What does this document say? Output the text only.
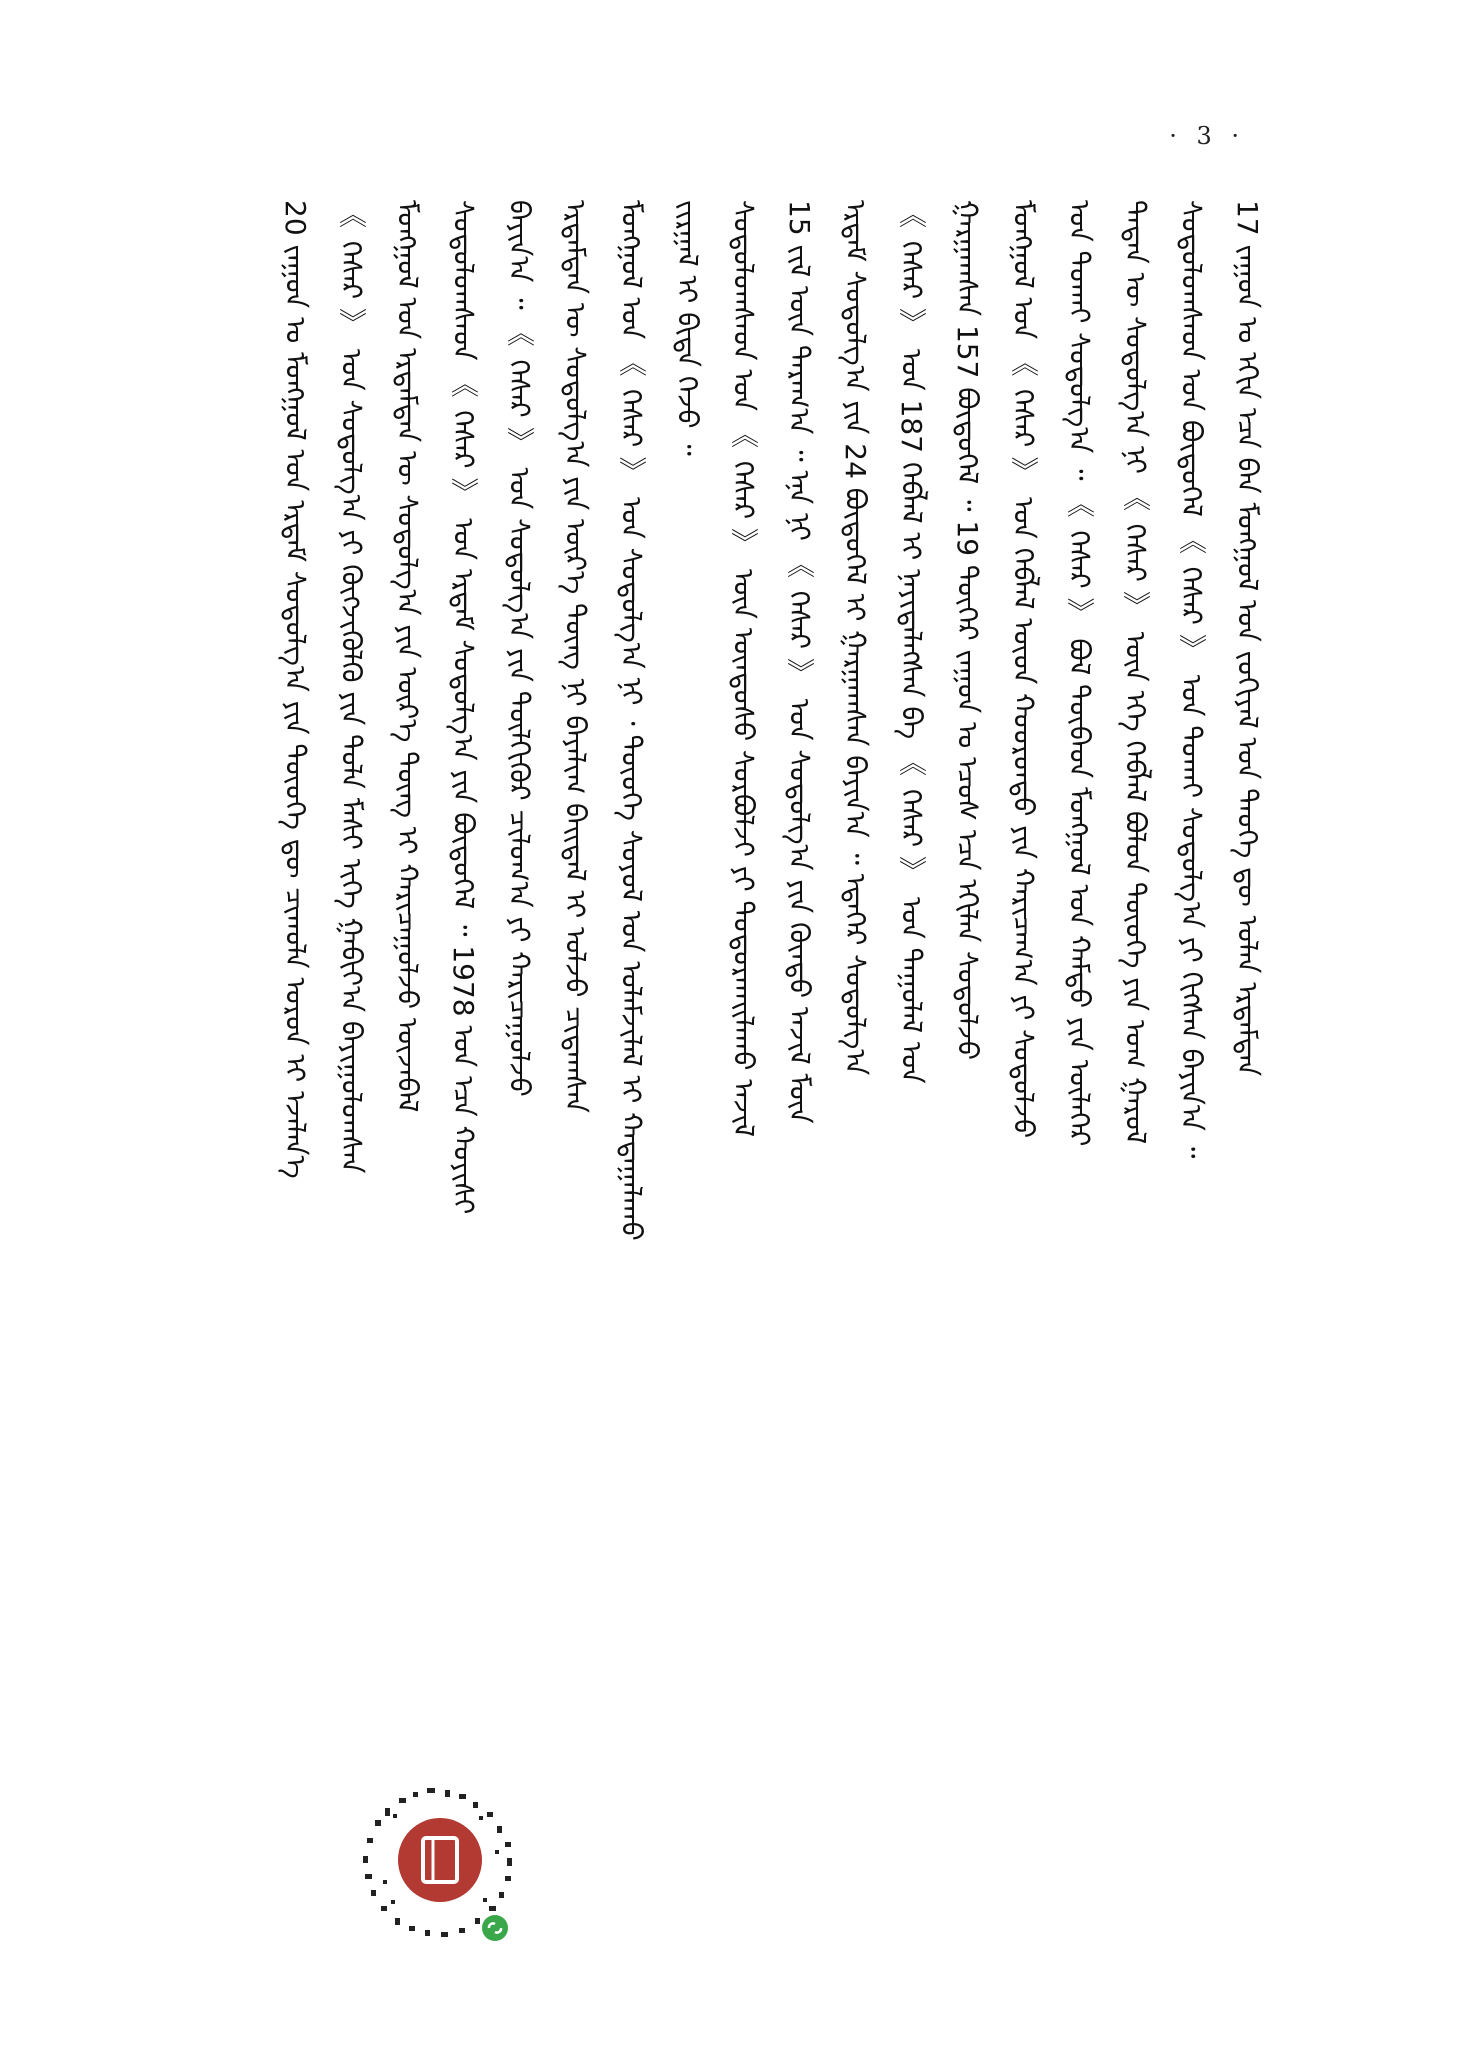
· 3 ·
17 ᠵᠠᠭᠤᠨ ᠤ ᠡᠬᠢᠨ ᠡᠴᠡ ᠪᠡᠨ ᠮᠣᠩᠭᠣᠯ ᠤᠨ ᠵᠤᠬᠢᠶᠠᠯ ᠤᠨ ᠲᠡᠤᠬᠡ ᠳᠦ ᠣᠯᠠᠨ ᠡᠷᠳᠡᠮᠲᠡᠨ
ᠰᠤᠳᠤᠯᠤᠭᠰᠠᠳ ᠤᠨ ᠪᠦᠲᠦᠭᠡᠯ 《 ᠭᠡᠰᠡᠷ 》 ᠤᠨ ᠲᠤᠬᠠᠢ ᠰᠤᠳᠤᠯᠭ᠎ᠠ ᠶᠢ ᠬᠢᠭᠰᠡᠨ ᠪᠠᠶᠢᠨ᠎ᠠ ᠃
ᠲᠡᠳᠡᠨ ᠦ ᠰᠤᠳᠤᠯᠭ᠎ᠠ ᠨᠢ 《 ᠭᠡᠰᠡᠷ 》 ᠦᠨ ᠡᠬᠡ ᠬᠡᠪᠯᠡᠯ ᠪᠣᠯᠤᠨ ᠲᠦᠦᠬᠡ ᠶᠢᠨ ᠤᠭ ᠭᠠᠷᠤᠯ
ᠤᠨ ᠲᠤᠬᠠᠢ ᠰᠤᠳᠤᠯᠭ᠎ᠠ ᠃ 《 ᠭᠡᠰᠡᠷ 》 ᠪᠣᠯ ᠲᠦᠪᠡᠳ ᠮᠣᠩᠭᠣᠯ ᠤᠨ ᠬᠠᠮᠲᠤ ᠶᠢᠨ ᠦᠯᠡᠭᠡᠷ
ᠮᠣᠩᠭᠣᠯ ᠤᠨ 《 ᠭᠡᠰᠡᠷ 》 ᠤᠨ ᠬᠡᠪᠯᠡᠯ ᠦᠳ ᠬᠣᠣᠷᠣᠨᠳᠤ ᠶᠢᠨ ᠬᠠᠷᠢᠴᠠᠭ᠎ᠠ ᠶᠢ ᠰᠤᠳᠤᠯᠵᠤ
ᠭᠠᠷᠭᠠᠭᠰᠠᠨ 157 ᠪᠦᠲᠦᠭᠡᠯ ᠃ 19 ᠳᠦᠭᠡᠷ ᠵᠠᠭᠤᠨ ᠤ ᠡᠴᠦᠰ ᠡᠴᠡ ᠡᠬᠢᠯᠡᠨ ᠰᠤᠳᠤᠯᠵᠤ
《 ᠭᠡᠰᠡᠷ 》 ᠤᠨ 187 ᠬᠡᠪᠯᠡᠯ ᠢ ᠨᠡᠶᠢᠲᠡᠯᠡᠭᠰᠡᠨ ᠪᠠ 《 ᠭᠡᠰᠡᠷ 》 ᠤᠨ ᠳᠠᠭᠤᠯᠠᠯ ᠤᠨ
ᠡᠷᠳᠡᠮ ᠰᠤᠳᠤᠯᠭ᠎ᠠ ᠶᠢᠨ 24 ᠪᠦᠲᠦᠭᠡᠯ ᠢ ᠭᠠᠷᠭᠠᠭᠰᠠᠨ ᠪᠠᠶᠢᠨ᠎ᠠ ᠃ ᠡᠳᠡᠭᠡᠷ ᠰᠤᠳᠤᠯᠭ᠎ᠠ
15 ᠵᠢᠯ ᠦᠨ ᠳᠠᠷᠠᠭ᠎ᠠ ᠃ ᠡᠨᠡ ᠨᠢ 《 ᠭᠡᠰᠡᠷ 》 ᠤᠨ ᠰᠤᠳᠤᠯᠭ᠎ᠠ ᠶᠢᠨ ᠬᠦᠨᠳᠦ ᠠᠵᠢᠯ ᠮᠥᠨ
ᠰᠤᠳᠤᠯᠤᠭᠰᠠᠳ ᠤᠨ 《 ᠭᠡᠰᠡᠷ 》 ᠦᠨ ᠦᠨᠳᠦᠰᠦ ᠰᠤᠷᠪᠤᠯᠵᠢ ᠶᠢ ᠲᠣᠳᠤᠷᠬᠠᠢᠯᠠᠬᠤ ᠠᠵᠢᠯ
ᠵᠢᠷᠭᠠᠯ ᠢ ᠪᠢᠳᠡ ᠭᠡᠵᠦ ᠃
ᠮᠣᠩᠭᠣᠯ ᠤᠨ 《 ᠭᠡᠰᠡᠷ 》 ᠤᠨ ᠰᠤᠳᠤᠯᠭ᠎ᠠ ᠨᠢ ᠂ ᠲᠦᠦᠬᠡ ᠰᠤᠶᠤᠯ ᠤᠨ ᠤᠯᠠᠮᠵᠢᠯᠠᠯ ᠢ ᠬᠠᠳᠠᠭᠠᠯᠠᠬᠤ
ᠡᠷᠳᠡᠮᠲᠡᠨ ᠦ ᠰᠤᠳᠤᠯᠭ᠎ᠠ ᠶᠢᠨ ᠦᠷ᠎ᠡ ᠳᠦᠩ ᠨᠢ ᠪᠠᠶᠠᠯᠢᠭ ᠪᠠᠢᠳᠠᠯ ᠢ ᠣᠯᠵᠤ ᠴᠢᠳᠠᠭᠰᠠᠨ
ᠪᠠᠶᠢᠨ᠎ᠠ ᠃ 《 ᠭᠡᠰᠡᠷ 》 ᠤᠨ ᠰᠤᠳᠤᠯᠭ᠎ᠠ ᠶᠢᠨ ᠲᠦᠯᠬᠢᠭᠦᠷ ᠴᠢᠯᠤᠭ᠎ᠠ ᠶᠢ ᠬᠠᠷᠢᠴᠠᠭᠤᠯᠵᠤ
ᠰᠤᠳᠤᠯᠤᠭᠰᠠᠳ 《 ᠭᠡᠰᠡᠷ 》 ᠤᠨ ᠡᠷᠳᠡᠮ ᠰᠤᠳᠤᠯᠭ᠎ᠠ ᠶᠢᠨ ᠪᠦᠲᠦᠭᠡᠯ ᠃ 1978 ᠣᠨ ᠡᠴᠡ ᠬᠣᠶᠢᠰᠢ
ᠮᠣᠩᠭᠣᠯ ᠤᠨ ᠡᠷᠳᠡᠮᠲᠡᠨ ᠦ ᠰᠤᠳᠤᠯᠭ᠎ᠠ ᠶᠢᠨ ᠦᠷ᠎ᠡ ᠳᠦᠩ ᠢ ᠬᠠᠷᠢᠴᠠᠭᠤᠯᠵᠤ ᠦᠵᠡᠪᠡᠯ
《 ᠭᠡᠰᠡᠷ 》 ᠤᠨ ᠰᠤᠳᠤᠯᠭ᠎ᠠ ᠶᠢ ᠬᠦᠭᠵᠢᠭᠦᠯᠬᠦ ᠶᠢᠨ ᠲᠤᠯᠠ ᠮᠠᠰᠢ ᠢᠬᠡ ᠭᠠᠪᠢᠶ᠎ᠠ ᠪᠠᠶᠢᠭᠤᠯᠤᠭᠰᠠᠨ
20 ᠵᠠᠭᠤᠨ ᠤ ᠮᠣᠩᠭᠣᠯ ᠤᠨ ᠡᠷᠳᠡᠮ ᠰᠤᠳᠤᠯᠭ᠎ᠠ ᠶᠢᠨ ᠲᠦᠦᠬᠡ ᠳᠦ ᠴᠢᠬᠤᠯᠠ ᠤᠷᠤᠨ ᠢ ᠡᠵᠡᠯᠡᠨ᠎ᠡ
